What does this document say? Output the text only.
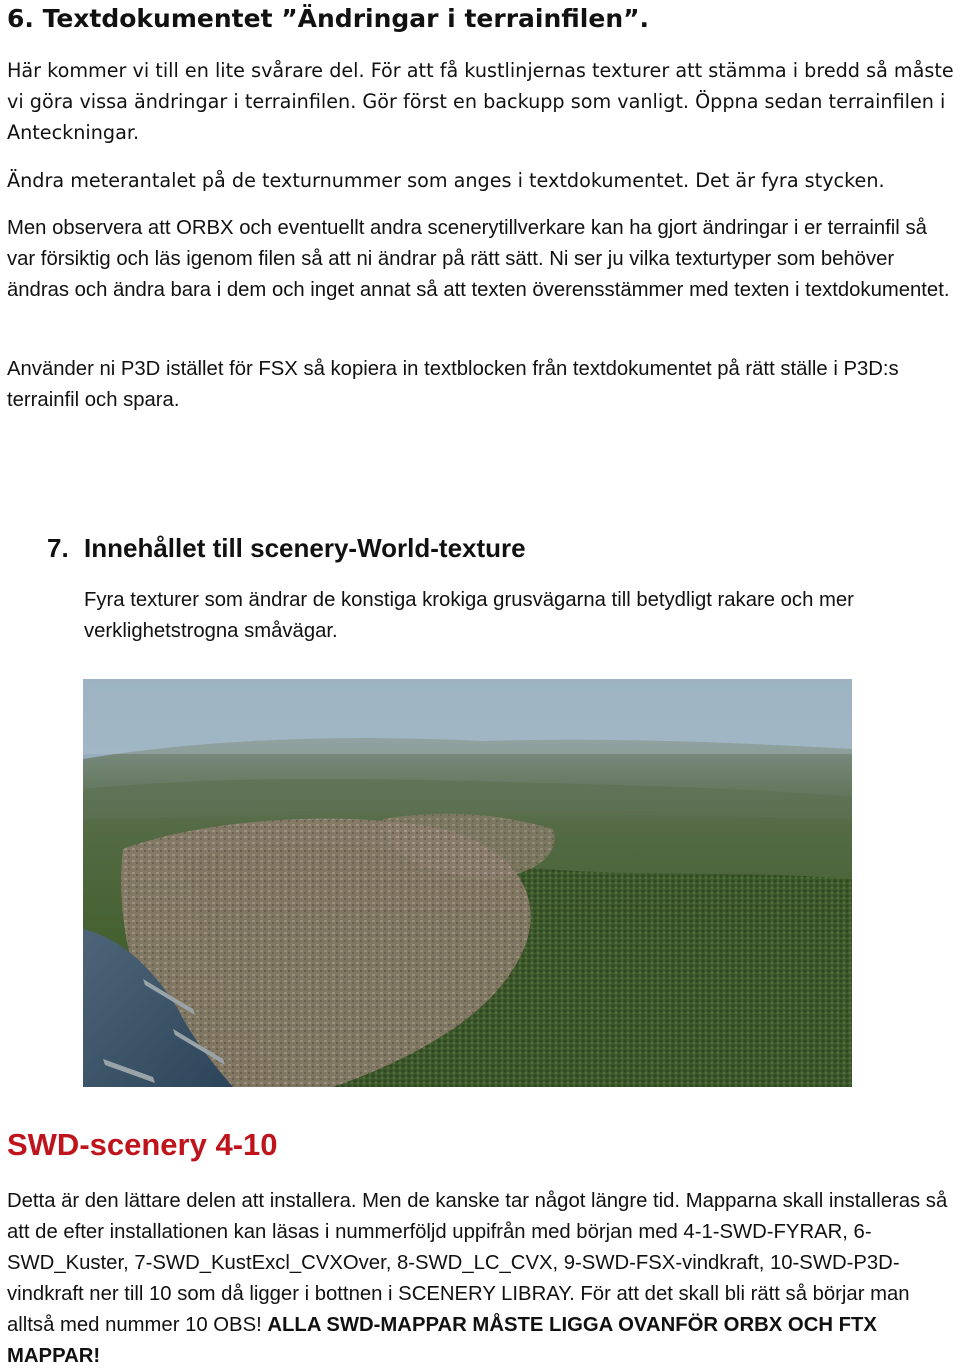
6. Textdokumentet ”Ändringar i terrainfilen”.

Här kommer vi till en lite svårare del. För att få kustlinjernas texturer att stämma i bredd så måste vi göra vissa ändringar i terrainfilen. Gör först en backupp som vanligt. Öppna sedan terrainfilen i Anteckningar.

Ändra meterantalet på de texturnummer som anges i textdokumentet. Det är fyra stycken.

Men observera att ORBX och eventuellt andra scenerytillverkare kan ha gjort ändringar i er terrainfil så var försiktig och läs igenom filen så att ni ändrar på rätt sätt. Ni ser ju vilka texturtyper som behöver ändras och ändra bara i dem och inget annat så att texten överensstämmer med texten i textdokumentet.

Använder ni P3D istället för FSX så kopiera in textblocken från textdokumentet på rätt ställe i P3D:s terrainfil och spara.

7. Innehållet till scenery-World-texture

Fyra texturer som ändrar de konstiga krokiga grusvägarna till betydligt rakare och mer verklighetstrogna småvägar.

SWD-scenery 4-10

Detta är den lättare delen att installera. Men de kanske tar något längre tid. Mapparna skall installeras så att de efter installationen kan läsas i nummerföljd uppifrån med början med 4-1-SWD-FYRAR, 6-SWD_Kuster, 7-SWD_KustExcl_CVXOver, 8-SWD_LC_CVX, 9-SWD-FSX-vindkraft, 10-SWD-P3D-vindkraft ner till 10 som då ligger i bottnen i SCENERY LIBRAY. För att det skall bli rätt så börjar man alltså med nummer 10 OBS! ALLA SWD-MAPPAR MÅSTE LIGGA OVANFÖR ORBX OCH FTX MAPPAR!
